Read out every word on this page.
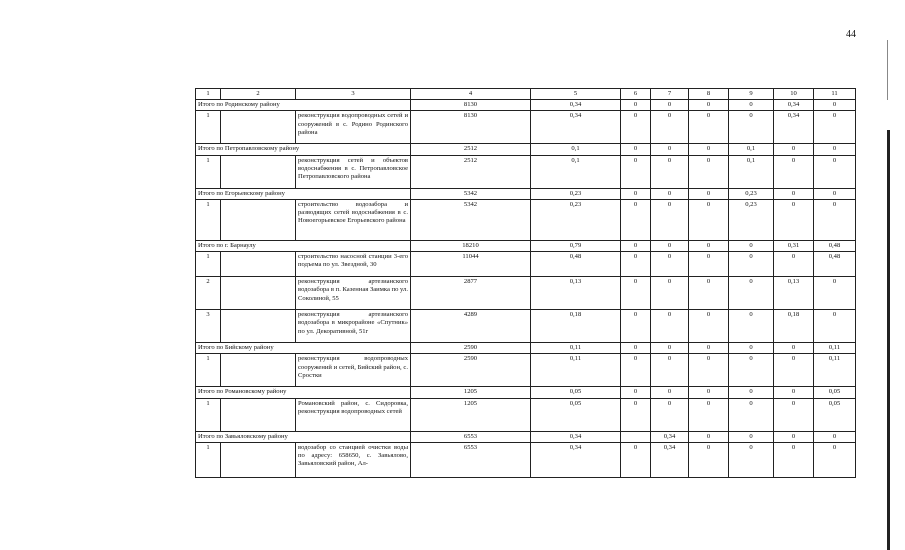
44
1	2	3	4	5	6	7	8	9	10	11
Итого по Родинскому району			8130	0,34	0	0	0	0	0,34	0
1		реконструкция водопроводных сетей и сооружений в с. Родино Родинского района	8130	0,34	0	0	0	0	0,34	0
Итого по Петропавловскому району			2512	0,1	0	0	0	0,1	0	0
1		реконструкция сетей и объектов водоснабжения в с. Петропавловское Петропавловского района	2512	0,1	0	0	0	0,1	0	0
Итого по Егорьевскому району			5342	0,23	0	0	0	0,23	0	0
1		строительство водозабора и разводящих сетей водоснабжения в с. Новоегорьевское Егорьевского района	5342	0,23	0	0	0	0,23	0	0
Итого по г. Барнаулу			18210	0,79	0	0	0	0	0,31	0,48
1		строительство насосной станции 3-его подъема по ул. Звездной, 30	11044	0,48	0	0	0	0	0	0,48
2		реконструкция артезианского водозабора в п. Казенная Заимка по ул. Соколиной, 55	2877	0,13	0	0	0	0	0,13	0
3		реконструкция артезианского водозабора в микрорайоне «Спутник» по ул. Декоративной, 51г	4289	0,18	0	0	0	0	0,18	0
Итого по Бийскому району			2590	0,11	0	0	0	0	0	0,11
1		реконструкция водопроводных сооружений и сетей, Бийский район, с. Сростки	2590	0,11	0	0	0	0	0	0,11
Итого по Романовскому району			1205	0,05	0	0	0	0	0	0,05
1		Романовский район, с. Сидоровка, реконструкция водопроводных сетей	1205	0,05	0	0	0	0	0	0,05
Итого по Завьяловскому району			6553	0,34		0,34	0	0	0	0
1		водозабор со станцией очистки воды по адресу: 658650, с. Завьялово, Завьяловский район, Ал-	6553	0,34	0	0,34	0	0	0	0
